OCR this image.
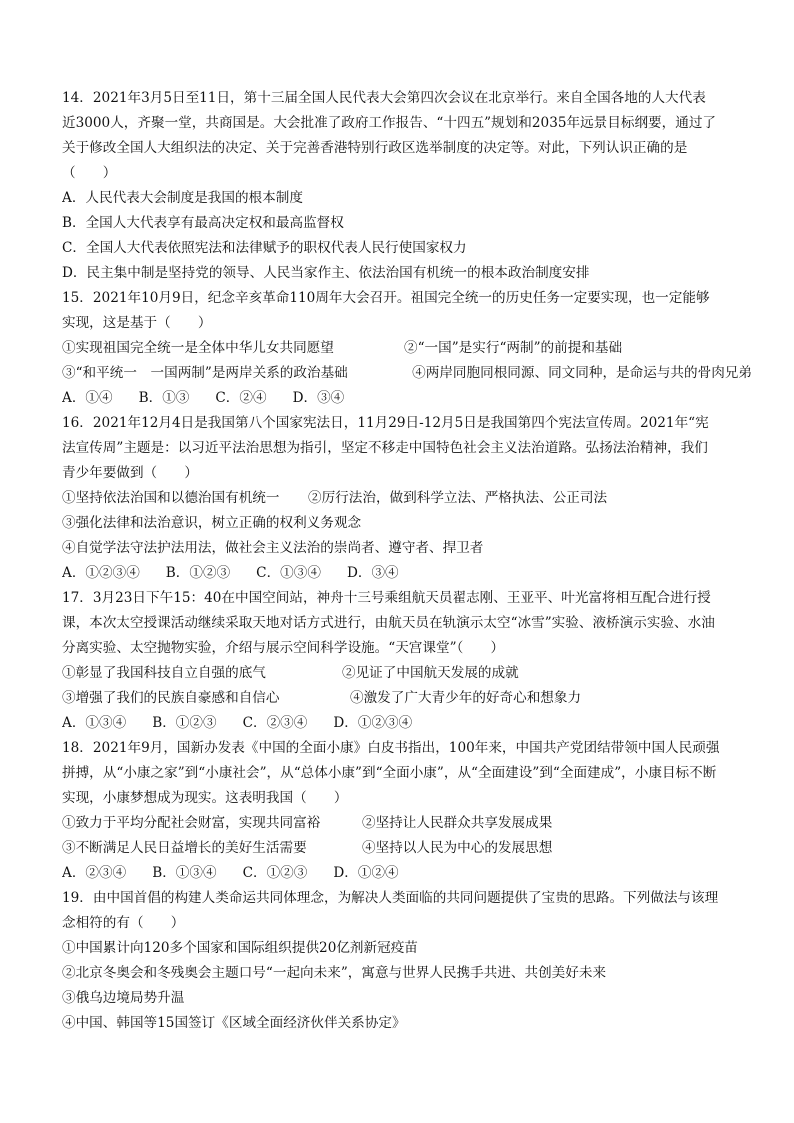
14．2021年3月5日至11日，第十三届全国人民代表大会第四次会议在北京举行。来自全国各地的人大代表
近3000人，齐聚一堂，共商国是。大会批准了政府工作报告、“十四五”规划和2035年远景目标纲要，通过了
关于修改全国人大组织法的决定、关于完善香港特别行政区选举制度的决定等。对此，下列认识正确的是
（　　）
A．人民代表大会制度是我国的根本制度
B．全国人大代表享有最高决定权和最高监督权
C．全国人大代表依照宪法和法律赋予的职权代表人民行使国家权力
D．民主集中制是坚持党的领导、人民当家作主、依法治国有机统一的根本政治制度安排
15．2021年10月9日，纪念辛亥革命110周年大会召开。祖国完全统一的历史任务一定要实现，也一定能够
实现，这是基于（　　）
①实现祖国完全统一是全体中华儿女共同愿望	②“一国”是实行“两制”的前提和基础
③“和平统一　一国两制”是两岸关系的政治基础	④两岸同胞同根同源、同文同种，是命运与共的骨肉兄弟
A．①④ B．①③ C．②④ D．③④
16．2021年12月4日是我国第八个国家宪法日，11月29日-12月5日是我国第四个宪法宣传周。2021年“宪
法宣传周”主题是：以习近平法治思想为指引，坚定不移走中国特色社会主义法治道路。弘扬法治精神，我们
青少年要做到（　　）
①坚持依法治国和以德治国有机统一	②厉行法治，做到科学立法、严格执法、公正司法
③强化法律和法治意识，树立正确的权利义务观念
④自觉学法守法护法用法，做社会主义法治的崇尚者、遵守者、捍卫者
A．①②③④ B．①②③ C．①③④ D．③④
17．3月23日下午15：40在中国空间站，神舟十三号乘组航天员翟志刚、王亚平、叶光富将相互配合进行授
课，本次太空授课活动继续采取天地对话方式进行，由航天员在轨演示太空“冰雪”实验、液桥演示实验、水油
分离实验、太空抛物实验，介绍与展示空间科学设施。“天宫课堂”（　　）
①彰显了我国科技自立自强的底气	②见证了中国航天发展的成就
③增强了我们的民族自豪感和自信心	④激发了广大青少年的好奇心和想象力
A．①③④ B．①②③ C．②③④ D．①②③④
18．2021年9月，国新办发表《中国的全面小康》白皮书指出，100年来，中国共产党团结带领中国人民顽强
拼搏，从“小康之家”到“小康社会”，从“总体小康”到“全面小康”，从“全面建设”到“全面建成”，小康目标不断
实现，小康梦想成为现实。这表明我国（　　）
①致力于平均分配社会财富，实现共同富裕	②坚持让人民群众共享发展成果
③不断满足人民日益增长的美好生活需要	④坚持以人民为中心的发展思想
A．②③④ B．①③④ C．①②③ D．①②④
19．由中国首倡的构建人类命运共同体理念，为解决人类面临的共同问题提供了宝贵的思路。下列做法与该理
念相符的有（　　）
①中国累计向120多个国家和国际组织提供20亿剂新冠疫苗
②北京冬奥会和冬残奥会主题口号“一起向未来”，寓意与世界人民携手共进、共创美好未来
③俄乌边境局势升温
④中国、韩国等15国签订《区域全面经济伙伴关系协定》
